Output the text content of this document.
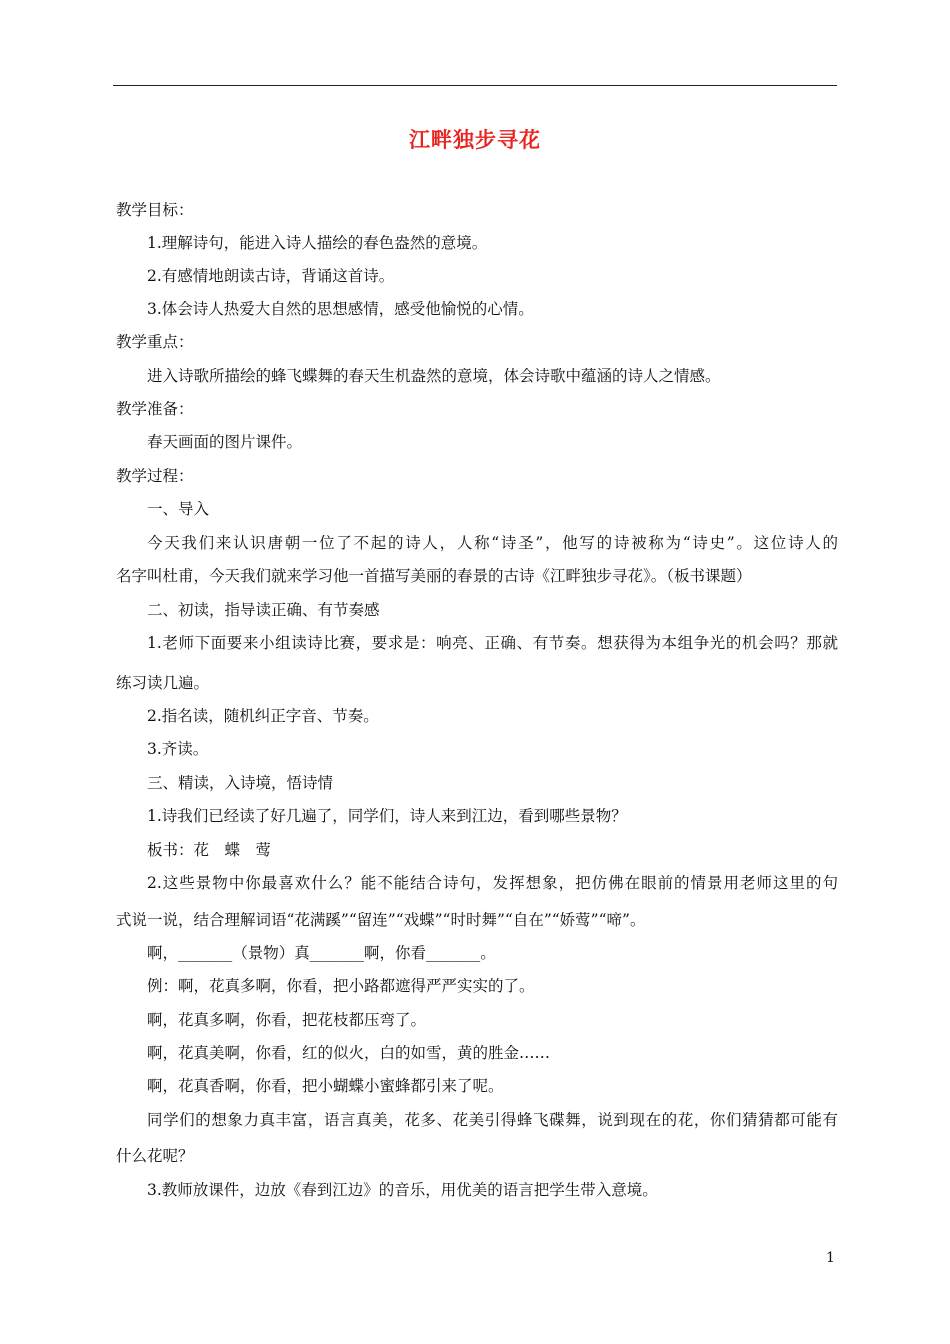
江畔独步寻花
教学目标：
1.理解诗句，能进入诗人描绘的春色盎然的意境。
2.有感情地朗读古诗，背诵这首诗。
3.体会诗人热爱大自然的思想感情，感受他愉悦的心情。
教学重点：
进入诗歌所描绘的蜂飞蝶舞的春天生机盎然的意境，体会诗歌中蕴涵的诗人之情感。
教学准备：
春天画面的图片课件。
教学过程：
一、导入
今天我们来认识唐朝一位了不起的诗人，人称“诗圣”，他写的诗被称为“诗史”。这位诗人的
名字叫杜甫，今天我们就来学习他一首描写美丽的春景的古诗《江畔独步寻花》。（板书课题）
二、初读，指导读正确、有节奏感
1.老师下面要来小组读诗比赛，要求是：响亮、正确、有节奏。想获得为本组争光的机会吗？那就
练习读几遍。
2.指名读，随机纠正字音、节奏。
3.齐读。
三、精读，入诗境，悟诗情
1.诗我们已经读了好几遍了，同学们，诗人来到江边，看到哪些景物？
板书：花　蝶　莺
2.这些景物中你最喜欢什么？能不能结合诗句，发挥想象，把仿佛在眼前的情景用老师这里的句
式说一说，结合理解词语“花满蹊”“留连”“戏蝶”“时时舞”“自在”“娇莺”“啼”。
啊，_______（景物）真_______啊，你看_______。
例：啊，花真多啊，你看，把小路都遮得严严实实的了。
啊，花真多啊，你看，把花枝都压弯了。
啊，花真美啊，你看，红的似火，白的如雪，黄的胜金……
啊，花真香啊，你看，把小蝴蝶小蜜蜂都引来了呢。
同学们的想象力真丰富，语言真美，花多、花美引得蜂飞碟舞，说到现在的花，你们猜猜都可能有
什么花呢？
3.教师放课件，边放《春到江边》的音乐，用优美的语言把学生带入意境。
1
